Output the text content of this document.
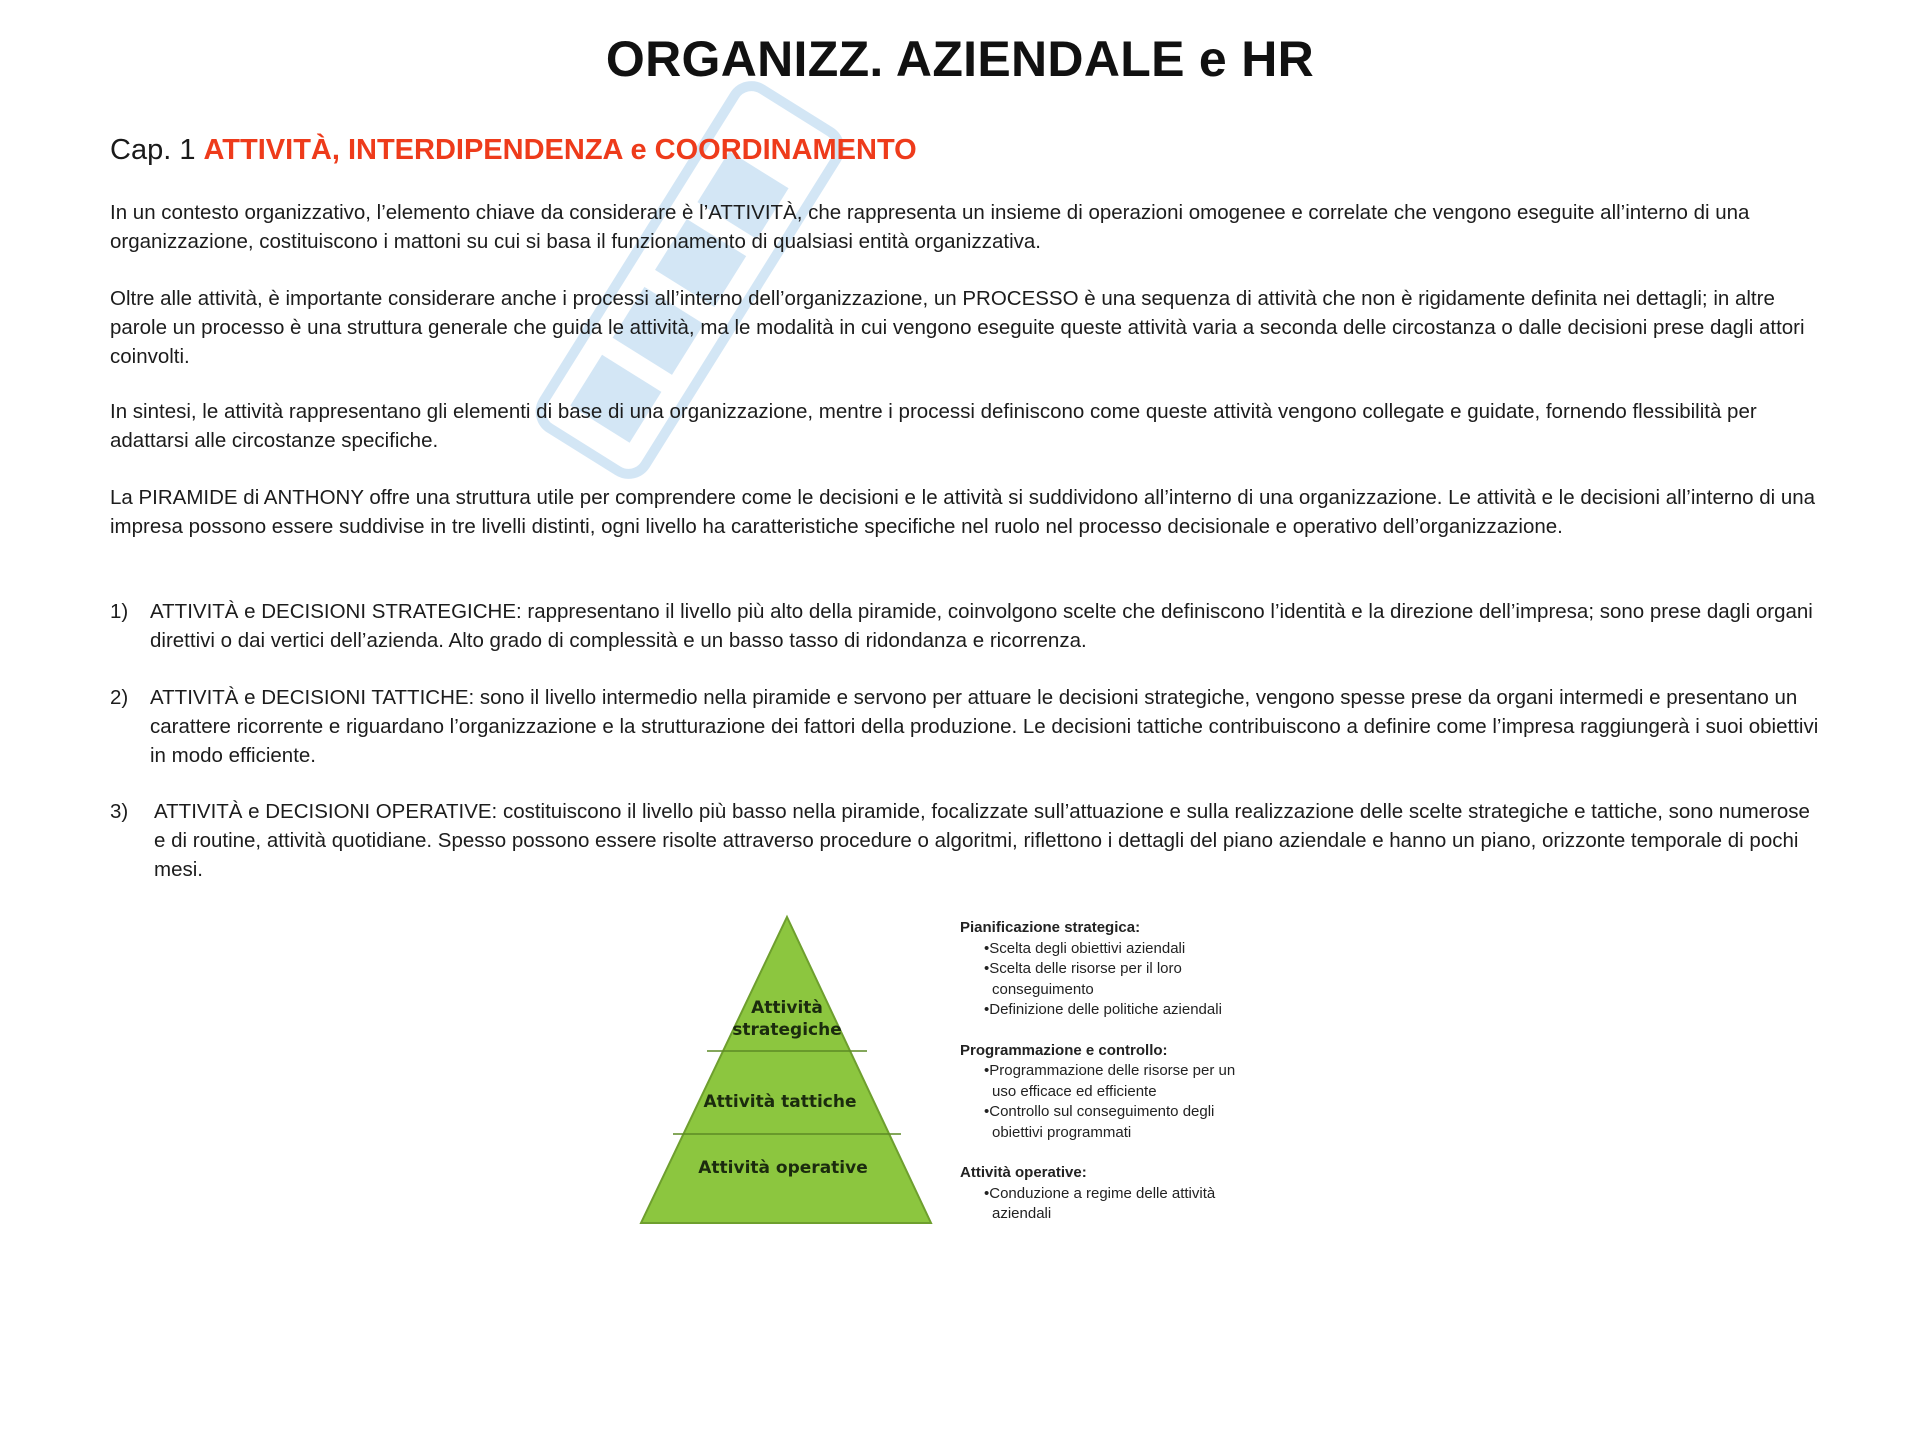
ORGANIZZ. AZIENDALE e HR
Cap. 1 ATTIVITÀ, INTERDIPENDENZA e COORDINAMENTO

In un contesto organizzativo, l’elemento chiave da considerare è l’ATTIVITÀ, che rappresenta un insieme di operazioni omogenee e correlate che vengono eseguite all’interno di una organizzazione, costituiscono i mattoni su cui si basa il funzionamento di qualsiasi entità organizzativa.

Oltre alle attività, è importante considerare anche i processi all’interno dell’organizzazione, un PROCESSO è una sequenza di attività che non è rigidamente definita nei dettagli; in altre parole un processo è una struttura generale che guida le attività, ma le modalità in cui vengono eseguite queste attività varia a seconda delle circostanza o dalle decisioni prese dagli attori coinvolti.

In sintesi, le attività rappresentano gli elementi di base di una organizzazione, mentre i processi definiscono come queste attività vengono collegate e guidate, fornendo flessibilità per adattarsi alle circostanze specifiche.

La PIRAMIDE di ANTHONY offre una struttura utile per comprendere come le decisioni e le attività si suddividono all’interno di una organizzazione. Le attività e le decisioni all’interno di una impresa possono essere suddivise in tre livelli distinti, ogni livello ha caratteristiche specifiche nel ruolo nel processo decisionale e operativo dell’organizzazione.

1) ATTIVITÀ e DECISIONI STRATEGICHE: rappresentano il livello più alto della piramide, coinvolgono scelte che definiscono l’identità e la direzione dell’impresa; sono prese dagli organi direttivi o dai vertici dell’azienda. Alto grado di complessità e un basso tasso di ridondanza e ricorrenza.
2) ATTIVITÀ e DECISIONI TATTICHE: sono il livello intermedio nella piramide e servono per attuare le decisioni strategiche, vengono spesse prese da organi intermedi e presentano un carattere ricorrente e riguardano l’organizzazione e la strutturazione dei fattori della produzione. Le decisioni tattiche contribuiscono a definire come l’impresa raggiungerà i suoi obiettivi in modo efficiente.
3) ATTIVITÀ e DECISIONI OPERATIVE: costituiscono il livello più basso nella piramide, focalizzate sull’attuazione e sulla realizzazione delle scelte strategiche e tattiche, sono numerose e di routine, attività quotidiane. Spesso possono essere risolte attraverso procedure o algoritmi, riflettono i dettagli del piano aziendale e hanno un piano, orizzonte temporale di pochi mesi.
Attività
strategiche
Attività tattiche
Attività operative
Pianificazione strategica:
•Scelta degli obiettivi aziendali
•Scelta delle risorse per il loro
conseguimento
•Definizione delle politiche aziendali
Programmazione e controllo:
•Programmazione delle risorse per un
uso efficace ed efficiente
•Controllo sul conseguimento degli
obiettivi programmati
Attività operative:
•Conduzione a regime delle attività
aziendali
